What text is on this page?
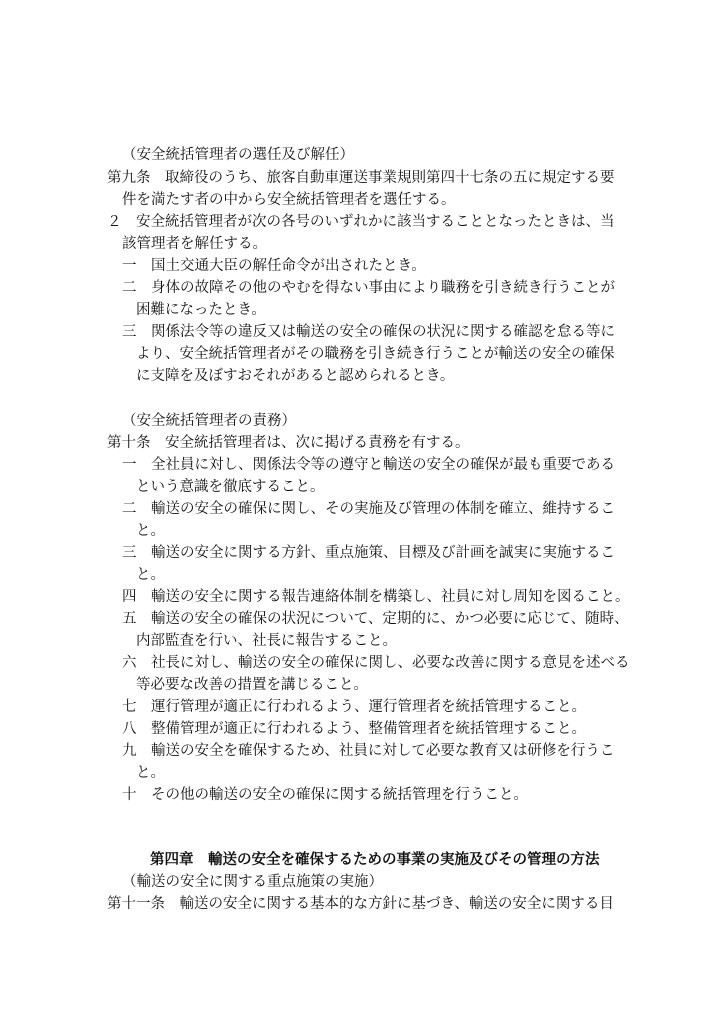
（安全統括管理者の選任及び解任）
第九条　取締役のうち、旅客自動車運送事業規則第四十七条の五に規定する要
件を満たす者の中から安全統括管理者を選任する。
２　安全統括管理者が次の各号のいずれかに該当することとなったときは、当
該管理者を解任する。
一　国土交通大臣の解任命令が出されたとき。
二　身体の故障その他のやむを得ない事由により職務を引き続き行うことが
困難になったとき。
三　関係法令等の違反又は輸送の安全の確保の状況に関する確認を怠る等に
より、安全統括管理者がその職務を引き続き行うことが輸送の安全の確保
に支障を及ぼすおそれがあると認められるとき。
（安全統括管理者の責務）
第十条　安全統括管理者は、次に掲げる責務を有する。
一　全社員に対し、関係法令等の遵守と輸送の安全の確保が最も重要である
という意識を徹底すること。
二　輸送の安全の確保に関し、その実施及び管理の体制を確立、維持するこ
と。
三　輸送の安全に関する方針、重点施策、目標及び計画を誠実に実施するこ
と。
四　輸送の安全に関する報告連絡体制を構築し、社員に対し周知を図ること。
五　輸送の安全の確保の状況について、定期的に、かつ必要に応じて、随時、
内部監査を行い、社長に報告すること。
六　社長に対し、輸送の安全の確保に関し、必要な改善に関する意見を述べる
等必要な改善の措置を講じること。
七　運行管理が適正に行われるよう、運行管理者を統括管理すること。
八　整備管理が適正に行われるよう、整備管理者を統括管理すること。
九　輸送の安全を確保するため、社員に対して必要な教育又は研修を行うこ
と。
十　その他の輸送の安全の確保に関する統括管理を行うこと。
第四章　輸送の安全を確保するための事業の実施及びその管理の方法
（輸送の安全に関する重点施策の実施）
第十一条　輸送の安全に関する基本的な方針に基づき、輸送の安全に関する目
